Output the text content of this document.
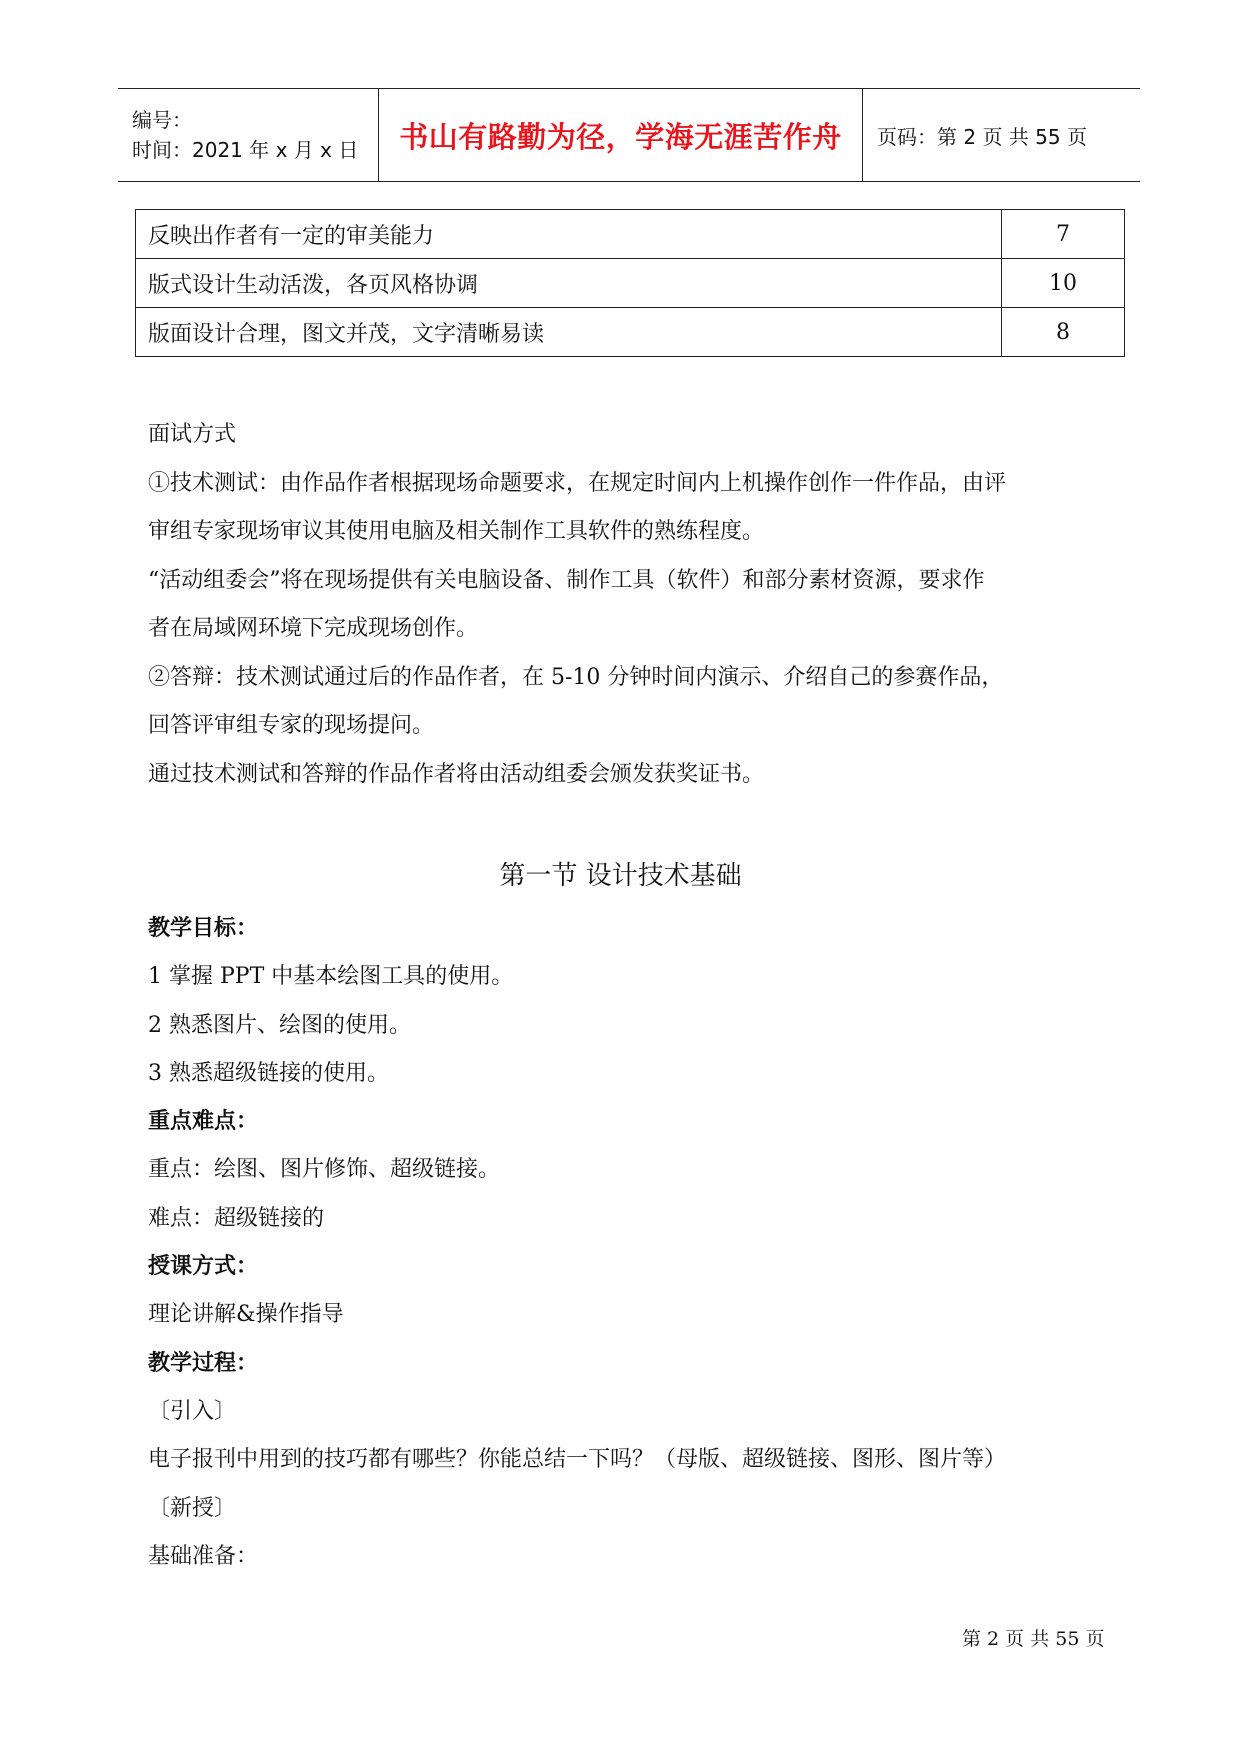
编号：
时间：2021 年 x 月 x 日	书山有路勤为径，学海无涯苦作舟 页码：第 2 页 共 55 页
反映出作者有一定的审美能力	7
版式设计生动活泼，各页风格协调	10
版面设计合理，图文并茂，文字清晰易读	8
面试方式
①技术测试：由作品作者根据现场命题要求，在规定时间内上机操作创作一件作品，由评
审组专家现场审议其使用电脑及相关制作工具软件的熟练程度。
“活动组委会”将在现场提供有关电脑设备、制作工具（软件）和部分素材资源，要求作
者在局域网环境下完成现场创作。
②答辩：技术测试通过后的作品作者，在 5-10 分钟时间内演示、介绍自己的参赛作品，
回答评审组专家的现场提问。
通过技术测试和答辩的作品作者将由活动组委会颁发获奖证书。
第一节 设计技术基础
教学目标：
1 掌握 PPT 中基本绘图工具的使用。
2 熟悉图片、绘图的使用。
3 熟悉超级链接的使用。
重点难点：
重点：绘图、图片修饰、超级链接。
难点：超级链接的
授课方式：
理论讲解&操作指导
教学过程：
〔引入〕
电子报刊中用到的技巧都有哪些？你能总结一下吗？（母版、超级链接、图形、图片等）
〔新授〕
基础准备：
第 2 页 共 55 页
